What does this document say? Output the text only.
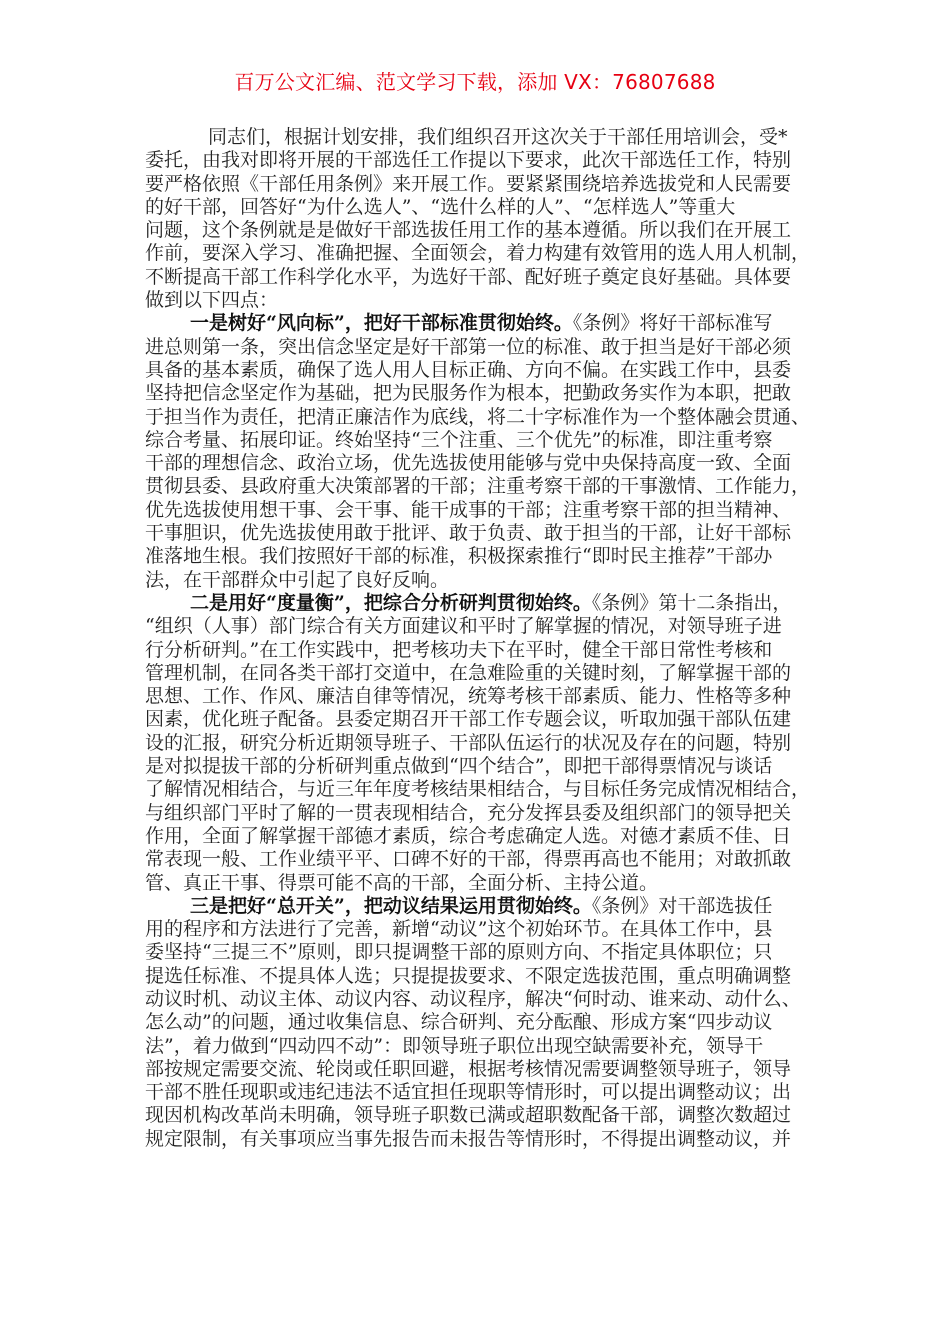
百万公文汇编、范文学习下载，添加 VX：76807688
同志们，根据计划安排，我们组织召开这次关于干部任用培训会，受*
委托，由我对即将开展的干部选任工作提以下要求，此次干部选任工作，特别
要严格依照《干部任用条例》来开展工作。要紧紧围绕培养选拔党和人民需要
的好干部，回答好“为什么选人”、“选什么样的人”、“怎样选人”等重大
问题，这个条例就是是做好干部选拔任用工作的基本遵循。所以我们在开展工
作前，要深入学习、准确把握、全面领会，着力构建有效管用的选人用人机制，
不断提高干部工作科学化水平，为选好干部、配好班子奠定良好基础。具体要
做到以下四点：
一是树好“风向标”，把好干部标准贯彻始终。《条例》将好干部标准写
进总则第一条，突出信念坚定是好干部第一位的标准、敢于担当是好干部必须
具备的基本素质，确保了选人用人目标正确、方向不偏。在实践工作中，县委
坚持把信念坚定作为基础，把为民服务作为根本，把勤政务实作为本职，把敢
于担当作为责任，把清正廉洁作为底线，将二十字标准作为一个整体融会贯通、
综合考量、拓展印证。终始坚持“三个注重、三个优先”的标准，即注重考察
干部的理想信念、政治立场，优先选拔使用能够与党中央保持高度一致、全面
贯彻县委、县政府重大决策部署的干部；注重考察干部的干事激情、工作能力，
优先选拔使用想干事、会干事、能干成事的干部；注重考察干部的担当精神、
干事胆识，优先选拔使用敢于批评、敢于负责、敢于担当的干部，让好干部标
准落地生根。我们按照好干部的标准，积极探索推行“即时民主推荐”干部办
法，在干部群众中引起了良好反响。
二是用好“度量衡”，把综合分析研判贯彻始终。《条例》第十二条指出，
“组织（人事）部门综合有关方面建议和平时了解掌握的情况，对领导班子进
行分析研判。”在工作实践中，把考核功夫下在平时，健全干部日常性考核和
管理机制，在同各类干部打交道中，在急难险重的关键时刻，了解掌握干部的
思想、工作、作风、廉洁自律等情况，统筹考核干部素质、能力、性格等多种
因素，优化班子配备。县委定期召开干部工作专题会议，听取加强干部队伍建
设的汇报，研究分析近期领导班子、干部队伍运行的状况及存在的问题，特别
是对拟提拔干部的分析研判重点做到“四个结合”，即把干部得票情况与谈话
了解情况相结合，与近三年年度考核结果相结合，与目标任务完成情况相结合，
与组织部门平时了解的一贯表现相结合，充分发挥县委及组织部门的领导把关
作用，全面了解掌握干部德才素质，综合考虑确定人选。对德才素质不佳、日
常表现一般、工作业绩平平、口碑不好的干部，得票再高也不能用；对敢抓敢
管、真正干事、得票可能不高的干部，全面分析、主持公道。
三是把好“总开关”，把动议结果运用贯彻始终。《条例》对干部选拔任
用的程序和方法进行了完善，新增“动议”这个初始环节。在具体工作中，县
委坚持“三提三不”原则，即只提调整干部的原则方向、不指定具体职位；只
提选任标准、不提具体人选；只提提拔要求、不限定选拔范围，重点明确调整
动议时机、动议主体、动议内容、动议程序，解决“何时动、谁来动、动什么、
怎么动”的问题，通过收集信息、综合研判、充分酝酿、形成方案“四步动议
法”，着力做到“四动四不动”：即领导班子职位出现空缺需要补充，领导干
部按规定需要交流、轮岗或任职回避，根据考核情况需要调整领导班子，领导
干部不胜任现职或违纪违法不适宜担任现职等情形时，可以提出调整动议；出
现因机构改革尚未明确，领导班子职数已满或超职数配备干部，调整次数超过
规定限制，有关事项应当事先报告而未报告等情形时，不得提出调整动议，并
